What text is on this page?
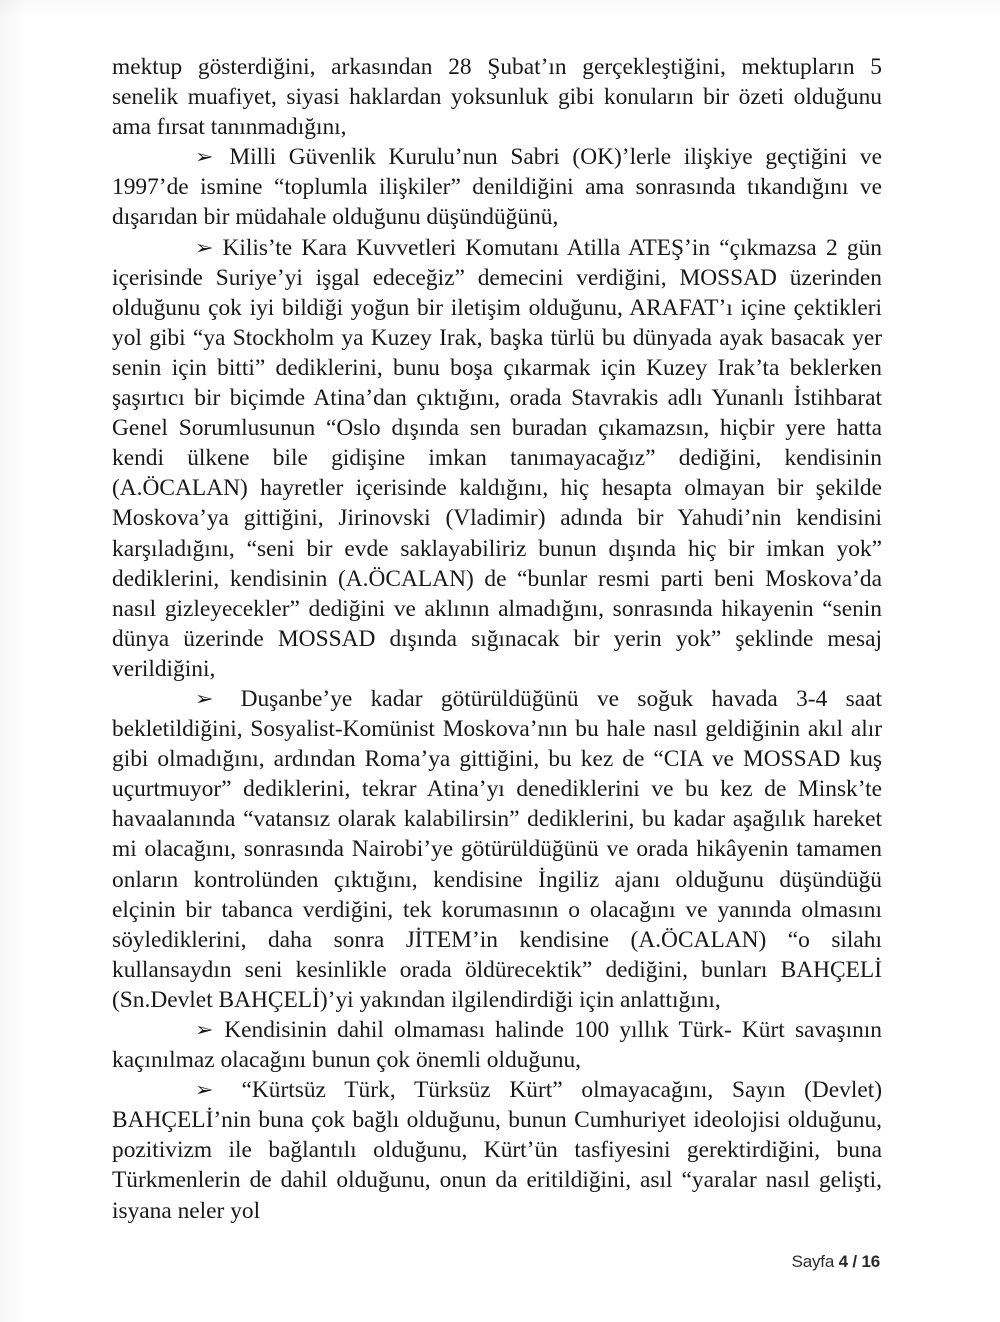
mektup gösterdiğini, arkasından 28 Şubat’ın gerçekleştiğini, mektupların 5 senelik muafiyet, siyasi haklardan yoksunluk gibi konuların bir özeti olduğunu ama fırsat tanınmadığını,

➢ Milli Güvenlik Kurulu’nun Sabri (OK)’lerle ilişkiye geçtiğini ve 1997’de ismine “toplumla ilişkiler” denildiğini ama sonrasında tıkandığını ve dışarıdan bir müdahale olduğunu düşündüğünü,

➢ Kilis’te Kara Kuvvetleri Komutanı Atilla ATEŞ’in “çıkmazsa 2 gün içerisinde Suriye’yi işgal edeceğiz” demecini verdiğini, MOSSAD üzerinden olduğunu çok iyi bildiği yoğun bir iletişim olduğunu, ARAFAT’ı içine çektikleri yol gibi “ya Stockholm ya Kuzey Irak, başka türlü bu dünyada ayak basacak yer senin için bitti” dediklerini, bunu boşa çıkarmak için Kuzey Irak’ta beklerken şaşırtıcı bir biçimde Atina’dan çıktığını, orada Stavrakis adlı Yunanlı İstihbarat Genel Sorumlusunun “Oslo dışında sen buradan çıkamazsın, hiçbir yere hatta kendi ülkene bile gidişine imkan tanımayacağız” dediğini, kendisinin (A.ÖCALAN) hayretler içerisinde kaldığını, hiç hesapta olmayan bir şekilde Moskova’ya gittiğini, Jirinovski (Vladimir) adında bir Yahudi’nin kendisini karşıladığını, “seni bir evde saklayabiliriz bunun dışında hiç bir imkan yok” dediklerini, kendisinin (A.ÖCALAN) de “bunlar resmi parti beni Moskova’da nasıl gizleyecekler” dediğini ve aklının almadığını, sonrasında hikayenin “senin dünya üzerinde MOSSAD dışında sığınacak bir yerin yok” şeklinde mesaj verildiğini,

➢ Duşanbe’ye kadar götürüldüğünü ve soğuk havada 3-4 saat bekletildiğini, Sosyalist-Komünist Moskova’nın bu hale nasıl geldiğinin akıl alır gibi olmadığını, ardından Roma’ya gittiğini, bu kez de “CIA ve MOSSAD kuş uçurtmuyor” dediklerini, tekrar Atina’yı denediklerini ve bu kez de Minsk’te havaalanında “vatansız olarak kalabilirsin” dediklerini, bu kadar aşağılık hareket mi olacağını, sonrasında Nairobi’ye götürüldüğünü ve orada hikâyenin tamamen onların kontrolünden çıktığını, kendisine İngiliz ajanı olduğunu düşündüğü elçinin bir tabanca verdiğini, tek korumasının o olacağını ve yanında olmasını söylediklerini, daha sonra JİTEM’in kendisine (A.ÖCALAN) “o silahı kullansaydın seni kesinlikle orada öldürecektik” dediğini, bunları BAHÇELİ (Sn.Devlet BAHÇELİ)’yi yakından ilgilendirdiği için anlattığını,

➢ Kendisinin dahil olmaması halinde 100 yıllık Türk- Kürt savaşının kaçınılmaz olacağını bunun çok önemli olduğunu,

➢ “Kürtsüz Türk, Türksüz Kürt” olmayacağını, Sayın (Devlet) BAHÇELİ’nin buna çok bağlı olduğunu, bunun Cumhuriyet ideolojisi olduğunu, pozitivizm ile bağlantılı olduğunu, Kürt’ün tasfiyesini gerektirdiğini, buna Türkmenlerin de dahil olduğunu, onun da eritildiğini, asıl “yaralar nasıl gelişti, isyana neler yol

Sayfa 4 / 16
